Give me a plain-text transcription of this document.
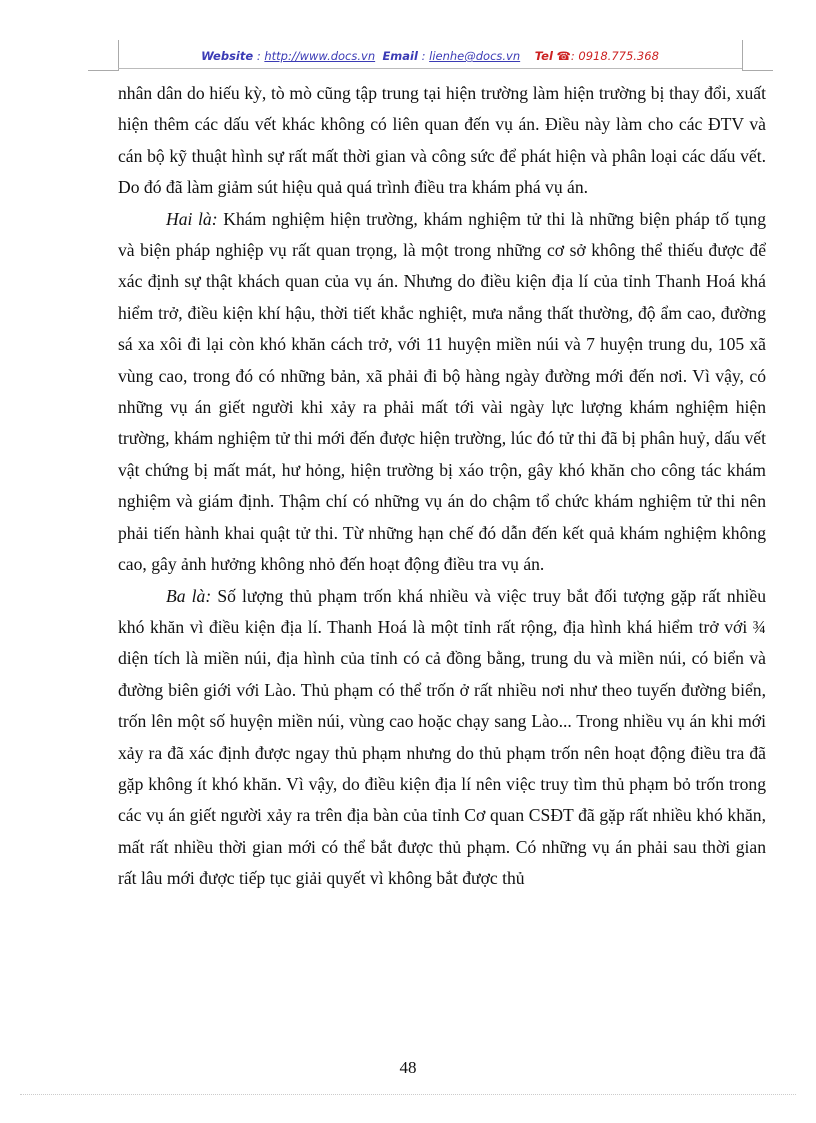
Website : http://www.docs.vn Email : lienhe@docs.vn Tel ☎: 0918.775.368

nhân dân do hiếu kỳ, tò mò cũng tập trung tại hiện trường làm hiện trường bị thay đổi, xuất hiện thêm các dấu vết khác không có liên quan đến vụ án. Điều này làm cho các ĐTV và cán bộ kỹ thuật hình sự rất mất thời gian và công sức để phát hiện và phân loại các dấu vết. Do đó đã làm giảm sút hiệu quả quá trình điều tra khám phá vụ án.

Hai là: Khám nghiệm hiện trường, khám nghiệm tử thi là những biện pháp tố tụng và biện pháp nghiệp vụ rất quan trọng, là một trong những cơ sở không thể thiếu được để xác định sự thật khách quan của vụ án. Nhưng do điều kiện địa lí của tỉnh Thanh Hoá khá hiểm trở, điều kiện khí hậu, thời tiết khắc nghiệt, mưa nắng thất thường, độ ẩm cao, đường sá xa xôi đi lại còn khó khăn cách trở, với 11 huyện miền núi và 7 huyện trung du, 105 xã vùng cao, trong đó có những bản, xã phải đi bộ hàng ngày đường mới đến nơi. Vì vậy, có những vụ án giết người khi xảy ra phải mất tới vài ngày lực lượng khám nghiệm hiện trường, khám nghiệm tử thi mới đến được hiện trường, lúc đó tử thi đã bị phân huỷ, dấu vết vật chứng bị mất mát, hư hỏng, hiện trường bị xáo trộn, gây khó khăn cho công tác khám nghiệm và giám định. Thậm chí có những vụ án do chậm tổ chức khám nghiệm tử thi nên phải tiến hành khai quật tử thi. Từ những hạn chế đó dẫn đến kết quả khám nghiệm không cao, gây ảnh hưởng không nhỏ đến hoạt động điều tra vụ án.

Ba là: Số lượng thủ phạm trốn khá nhiều và việc truy bắt đối tượng gặp rất nhiều khó khăn vì điều kiện địa lí. Thanh Hoá là một tỉnh rất rộng, địa hình khá hiểm trở với ¾ diện tích là miền núi, địa hình của tỉnh có cả đồng bằng, trung du và miền núi, có biển và đường biên giới với Lào. Thủ phạm có thể trốn ở rất nhiều nơi như theo tuyến đường biển, trốn lên một số huyện miền núi, vùng cao hoặc chạy sang Lào... Trong nhiều vụ án khi mới xảy ra đã xác định được ngay thủ phạm nhưng do thủ phạm trốn nên hoạt động điều tra đã gặp không ít khó khăn. Vì vậy, do điều kiện địa lí nên việc truy tìm thủ phạm bỏ trốn trong các vụ án giết người xảy ra trên địa bàn của tỉnh Cơ quan CSĐT đã gặp rất nhiều khó khăn, mất rất nhiều thời gian mới có thể bắt được thủ phạm. Có những vụ án phải sau thời gian rất lâu mới được tiếp tục giải quyết vì không bắt được thủ

48
